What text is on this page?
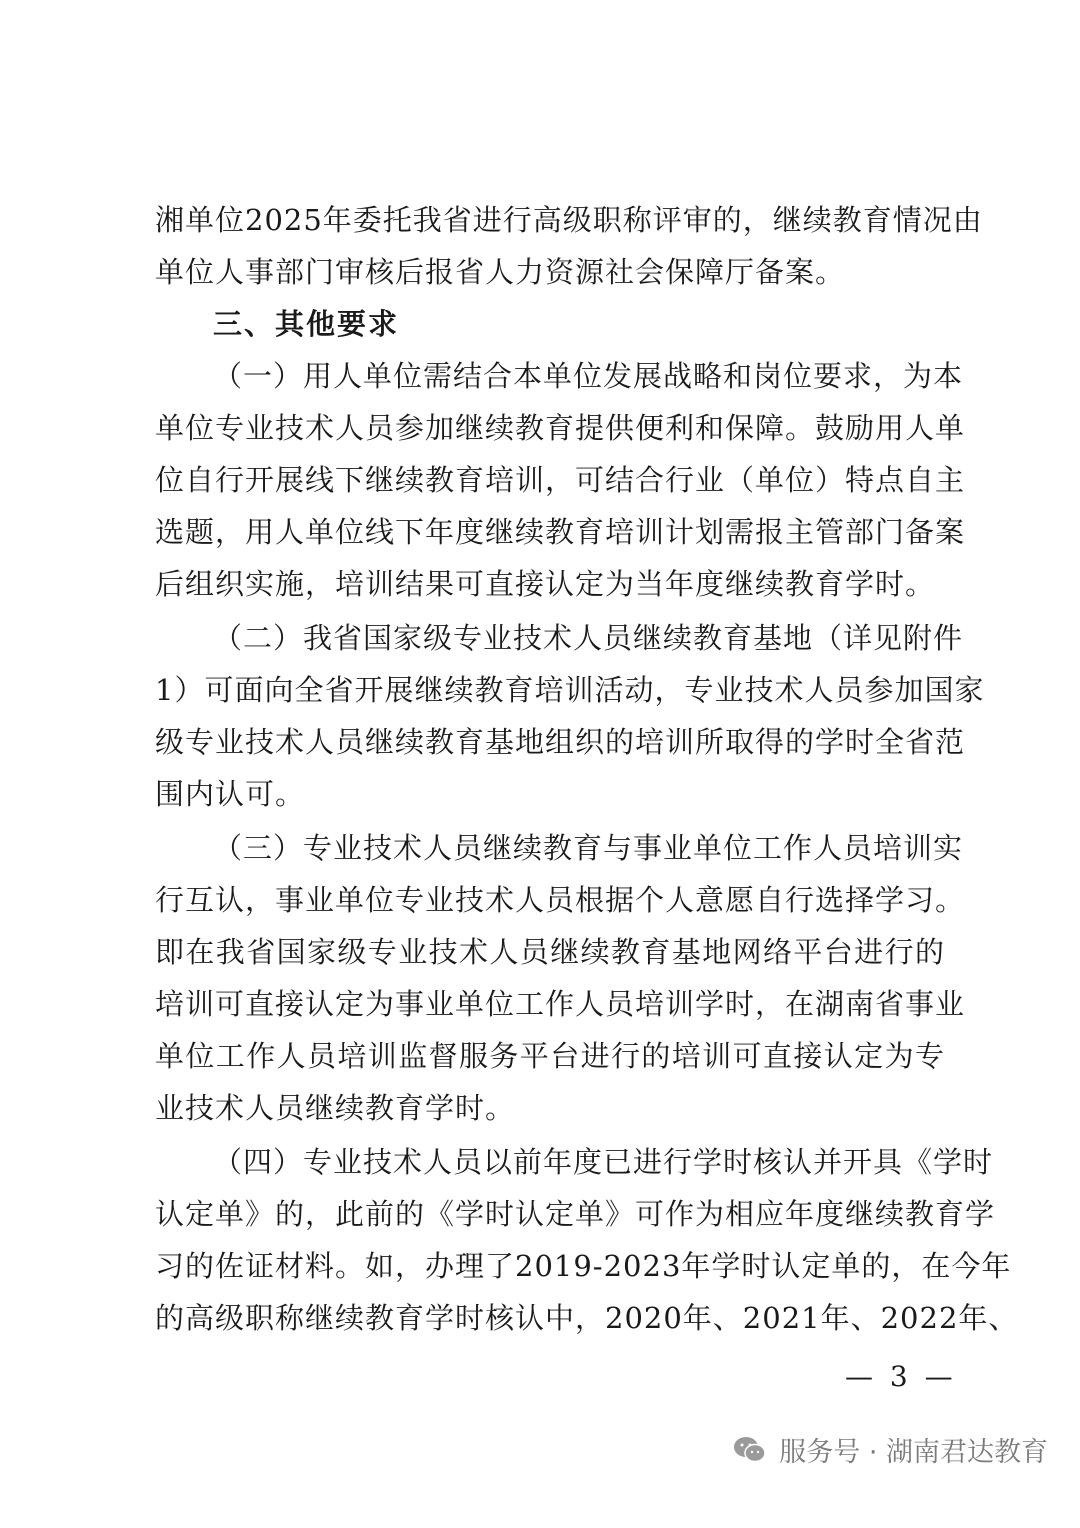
湘单位2025年委托我省进行高级职称评审的，继续教育情况由
单位人事部门审核后报省人力资源社会保障厅备案。
三、其他要求
（一）用人单位需结合本单位发展战略和岗位要求，为本
单位专业技术人员参加继续教育提供便利和保障。鼓励用人单
位自行开展线下继续教育培训，可结合行业（单位）特点自主
选题，用人单位线下年度继续教育培训计划需报主管部门备案
后组织实施，培训结果可直接认定为当年度继续教育学时。
（二）我省国家级专业技术人员继续教育基地（详见附件
1）可面向全省开展继续教育培训活动，专业技术人员参加国家
级专业技术人员继续教育基地组织的培训所取得的学时全省范
围内认可。
（三）专业技术人员继续教育与事业单位工作人员培训实
行互认，事业单位专业技术人员根据个人意愿自行选择学习。
即在我省国家级专业技术人员继续教育基地网络平台进行的
培训可直接认定为事业单位工作人员培训学时，在湖南省事业
单位工作人员培训监督服务平台进行的培训可直接认定为专
业技术人员继续教育学时。
（四）专业技术人员以前年度已进行学时核认并开具《学时
认定单》的，此前的《学时认定单》可作为相应年度继续教育学
习的佐证材料。如，办理了2019-2023年学时认定单的，在今年
的高级职称继续教育学时核认中，2020年、2021年、2022年、
— 3 —
服务号 · 湖南君达教育
